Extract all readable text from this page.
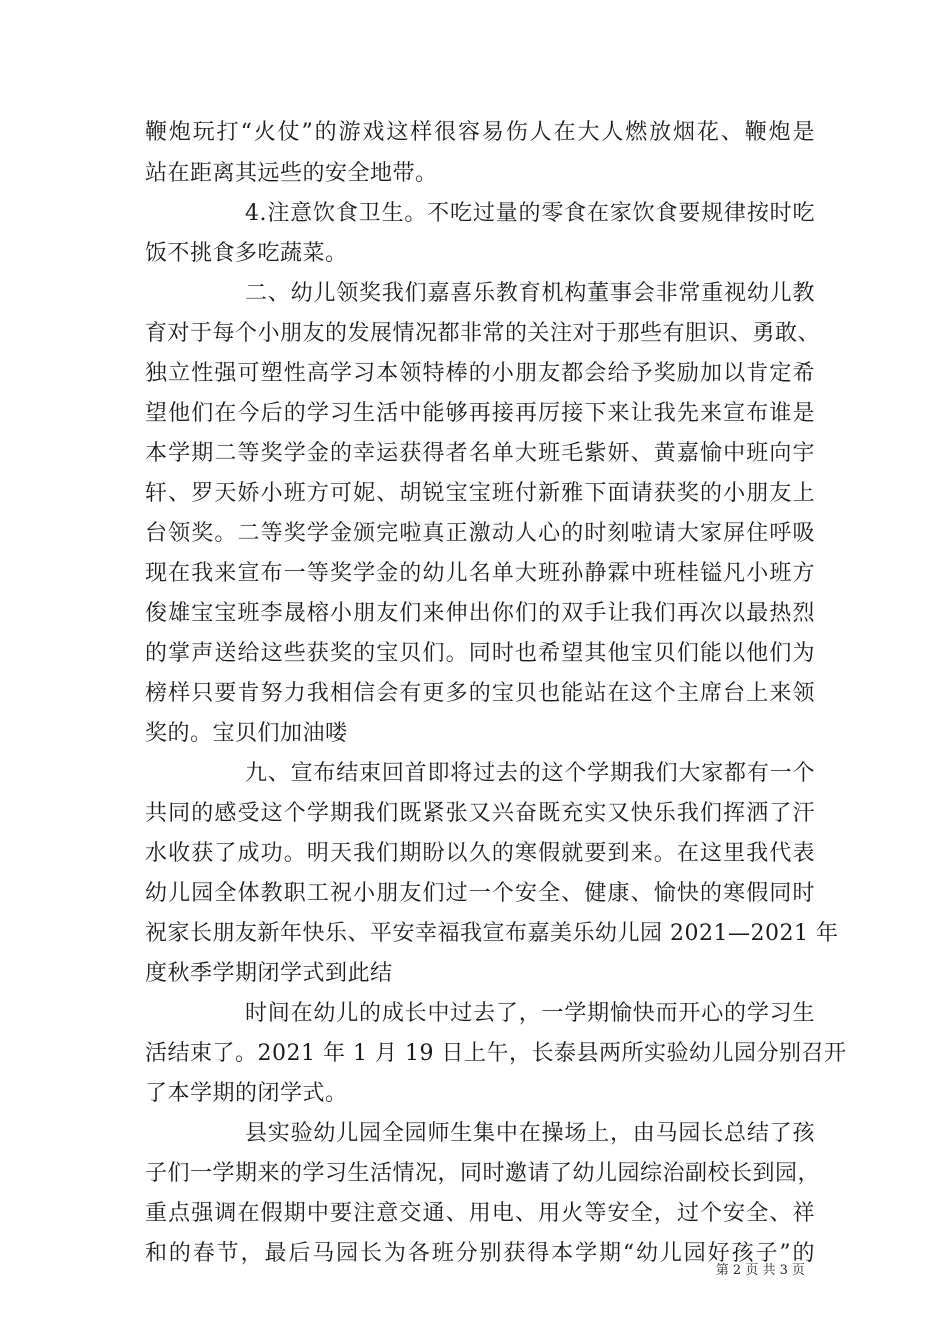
鞭炮玩打“火仗”的游戏这样很容易伤人在大人燃放烟花、鞭炮是
站在距离其远些的安全地带。
4.注意饮食卫生。不吃过量的零食在家饮食要规律按时吃
饭不挑食多吃蔬菜。
二、幼儿领奖我们嘉喜乐教育机构董事会非常重视幼儿教
育对于每个小朋友的发展情况都非常的关注对于那些有胆识、勇敢、
独立性强可塑性高学习本领特棒的小朋友都会给予奖励加以肯定希
望他们在今后的学习生活中能够再接再厉接下来让我先来宣布谁是
本学期二等奖学金的幸运获得者名单大班毛紫妍、黄嘉愉中班向宇
轩、罗天娇小班方可妮、胡锐宝宝班付新雅下面请获奖的小朋友上
台领奖。二等奖学金颁完啦真正激动人心的时刻啦请大家屏住呼吸
现在我来宣布一等奖学金的幼儿名单大班孙静霖中班桂镒凡小班方
俊雄宝宝班李晟榕小朋友们来伸出你们的双手让我们再次以最热烈
的掌声送给这些获奖的宝贝们。同时也希望其他宝贝们能以他们为
榜样只要肯努力我相信会有更多的宝贝也能站在这个主席台上来领
奖的。宝贝们加油喽
九、宣布结束回首即将过去的这个学期我们大家都有一个
共同的感受这个学期我们既紧张又兴奋既充实又快乐我们挥洒了汗
水收获了成功。明天我们期盼以久的寒假就要到来。在这里我代表
幼儿园全体教职工祝小朋友们过一个安全、健康、愉快的寒假同时
祝家长朋友新年快乐、平安幸福我宣布嘉美乐幼儿园 2021—2021 年
度秋季学期闭学式到此结
时间在幼儿的成长中过去了，一学期愉快而开心的学习生
活结束了。2021 年 1 月 19 日上午，长泰县两所实验幼儿园分别召开
了本学期的闭学式。
县实验幼儿园全园师生集中在操场上，由马园长总结了孩
子们一学期来的学习生活情况，同时邀请了幼儿园综治副校长到园，
重点强调在假期中要注意交通、用电、用火等安全，过个安全、祥
和的春节，最后马园长为各班分别获得本学期“幼儿园好孩子”的
第 2 页 共 3 页
